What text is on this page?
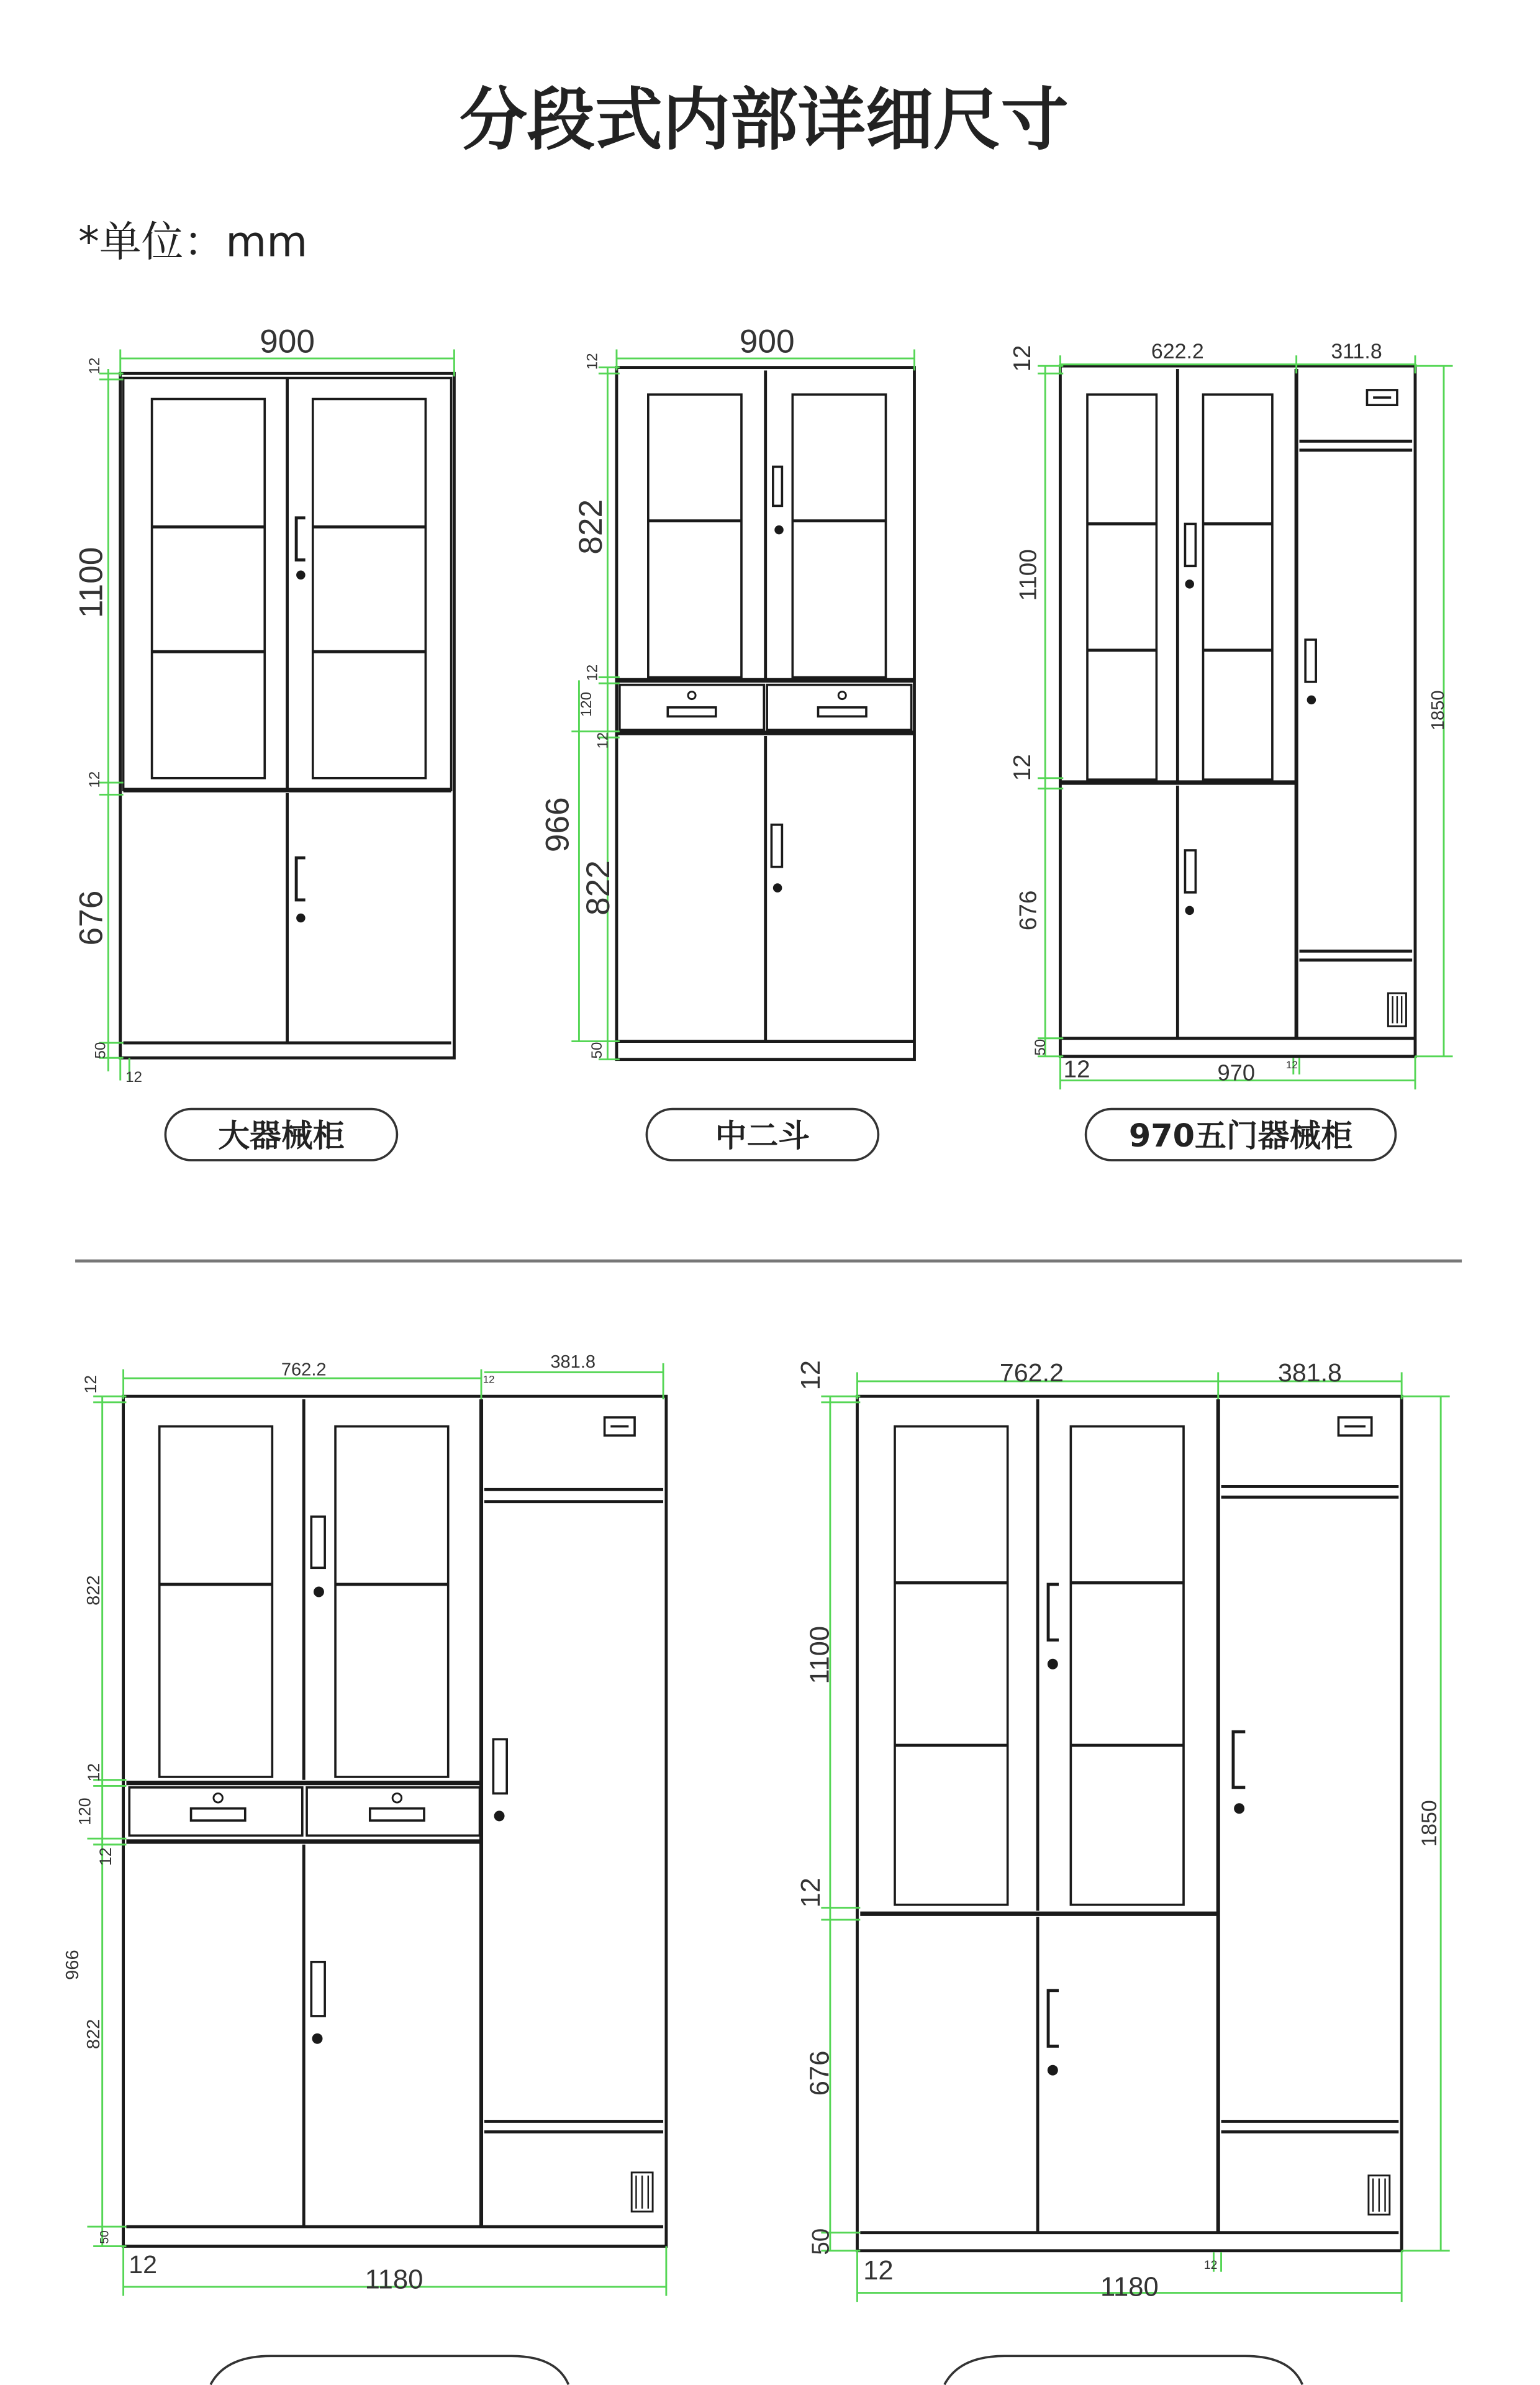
分段式内部详细尺寸
*单位：mm
900
12
1100
12
676
50
12
大器械柜
900
12
822
12
120
12
966
822
50
中二斗
12	622.2	311.8
1100
12
676
50
12	970	12
1850
970五门器械柜
12
762.2	12
381.8
822
12
120
12
966
822
50
12
1180
12	762.2	381.8
1100
12
676
50
12
1180
12
1850
